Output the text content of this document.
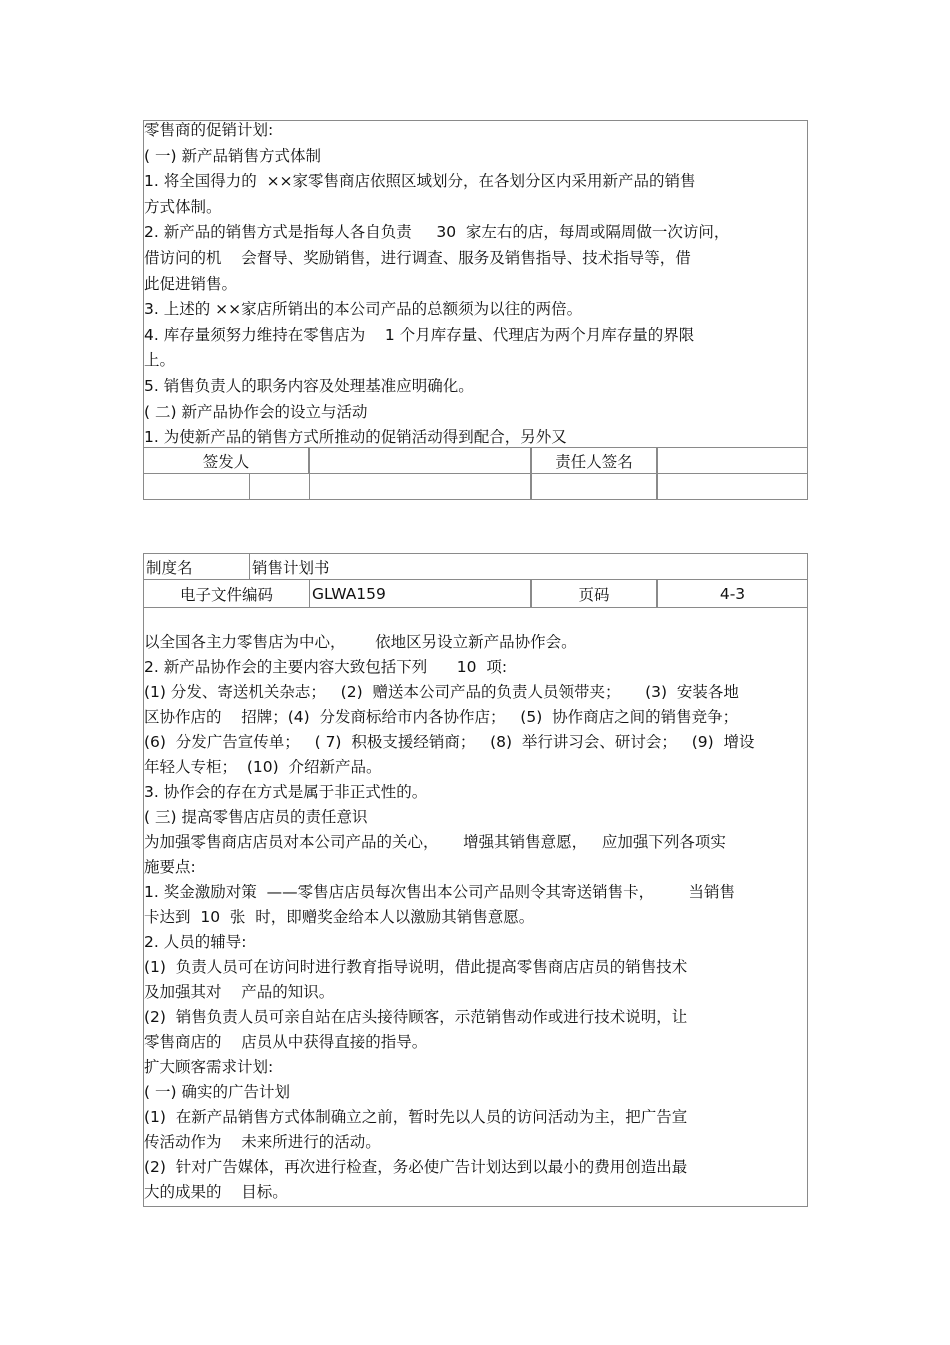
零售商的促销计划:
( 一) 新产品销售方式体制
1. 将全国得力的  ××家零售商店依照区域划分，在各划分区内采用新产品的销售
方式体制。
2. 新产品的销售方式是指每人各自负责     30  家左右的店，每周或隔周做一次访问，
借访问的机    会督导、奖励销售，进行调查、服务及销售指导、技术指导等，借
此促进销售。
3. 上述的 ××家店所销出的本公司产品的总额须为以往的两倍。
4. 库存量须努力维持在零售店为    1 个月库存量、代理店为两个月库存量的界限
上。
5. 销售负责人的职务内容及处理基准应明确化。
( 二) 新产品协作会的设立与活动
1. 为使新产品的销售方式所推动的促销活动得到配合，另外又
签发人	责任人签名
制度名	销售计划书
电子文件编码	GLWA159	页码	4-3
以全国各主力零售店为中心，      依地区另设立新产品协作会。
2. 新产品协作会的主要内容大致包括下列      10  项:
(1) 分发、寄送机关杂志；   (2)  赠送本公司产品的负责人员领带夹；     (3)  安装各地
区协作店的    招牌；(4)  分发商标给市内各协作店；   (5)  协作商店之间的销售竞争；
(6)  分发广告宣传单；   ( 7)  积极支援经销商；   (8)  举行讲习会、研讨会；   (9)  增设
年轻人专柜；  (10)  介绍新产品。
3. 协作会的存在方式是属于非正式性的。
( 三) 提高零售店店员的责任意识
为加强零售商店店员对本公司产品的关心，     增强其销售意愿，   应加强下列各项实
施要点:
1. 奖金激励对策  ——零售店店员每次售出本公司产品则令其寄送销售卡，       当销售
卡达到  10  张  时，即赠奖金给本人以激励其销售意愿。
2. 人员的辅导:
(1)  负责人员可在访问时进行教育指导说明，借此提高零售商店店员的销售技术
及加强其对    产品的知识。
(2)  销售负责人员可亲自站在店头接待顾客，示范销售动作或进行技术说明，让
零售商店的    店员从中获得直接的指导。
扩大顾客需求计划:
( 一) 确实的广告计划
(1)  在新产品销售方式体制确立之前，暂时先以人员的访问活动为主，把广告宣
传活动作为    未来所进行的活动。
(2)  针对广告媒体，再次进行检查，务必使广告计划达到以最小的费用创造出最
大的成果的    目标。
